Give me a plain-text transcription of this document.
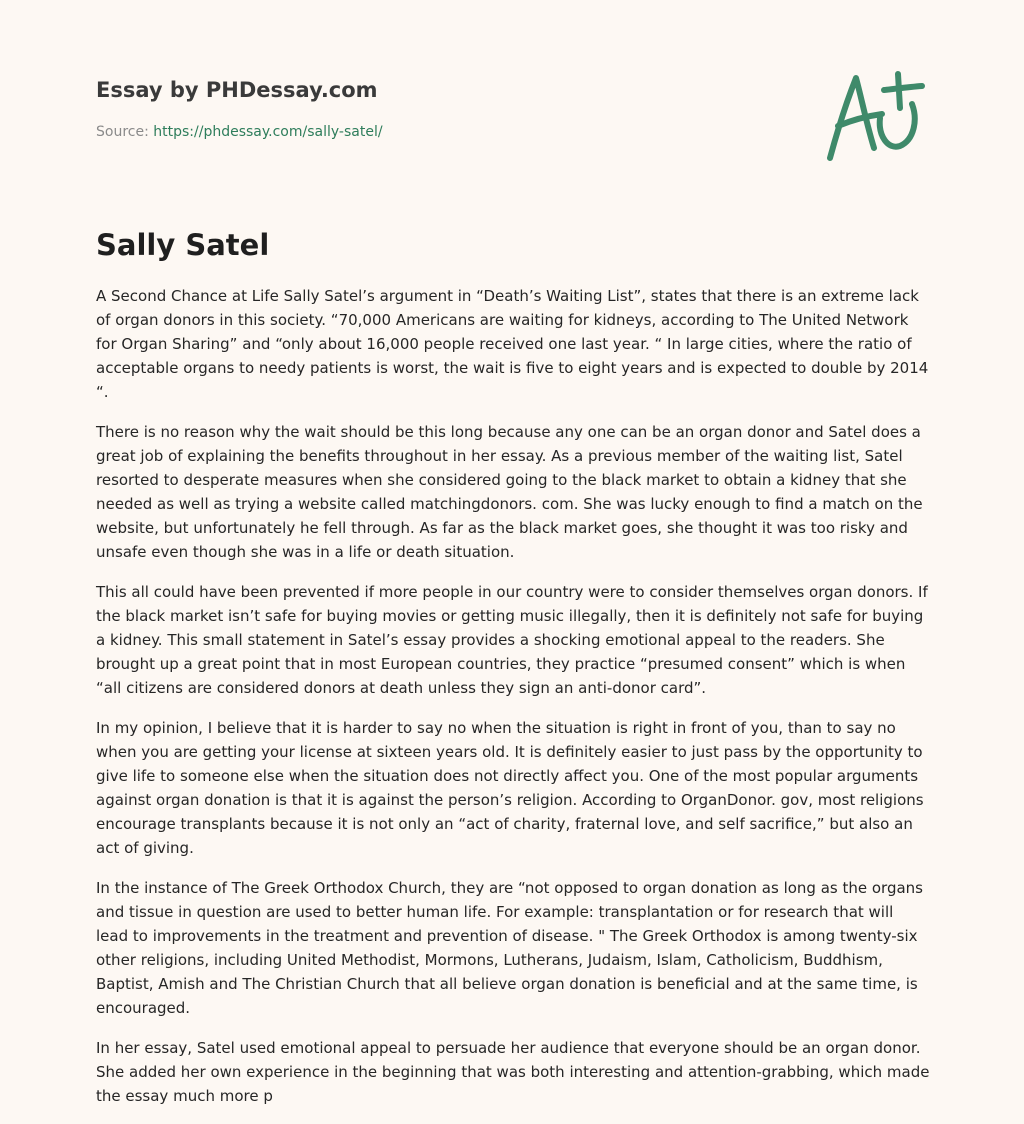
Essay by PHDessay.com
Source: https://phdessay.com/sally-satel/
Sally Satel

A Second Chance at Life Sally Satel’s argument in “Death’s Waiting List”, states that there is an extreme lack of organ donors in this society. “70,000 Americans are waiting for kidneys, according to The United Network for Organ Sharing” and “only about 16,000 people received one last year. “ In large cities, where the ratio of acceptable organs to needy patients is worst, the wait is five to eight years and is expected to double by 2014 “.

There is no reason why the wait should be this long because any one can be an organ donor and Satel does a great job of explaining the benefits throughout in her essay. As a previous member of the waiting list, Satel resorted to desperate measures when she considered going to the black market to obtain a kidney that she needed as well as trying a website called matchingdonors. com. She was lucky enough to find a match on the website, but unfortunately he fell through. As far as the black market goes, she thought it was too risky and unsafe even though she was in a life or death situation.

This all could have been prevented if more people in our country were to consider themselves organ donors. If the black market isn’t safe for buying movies or getting music illegally, then it is definitely not safe for buying a kidney. This small statement in Satel’s essay provides a shocking emotional appeal to the readers. She brought up a great point that in most European countries, they practice “presumed consent” which is when “all citizens are considered donors at death unless they sign an anti-donor card”.

In my opinion, I believe that it is harder to say no when the situation is right in front of you, than to say no when you are getting your license at sixteen years old. It is definitely easier to just pass by the opportunity to give life to someone else when the situation does not directly affect you. One of the most popular arguments against organ donation is that it is against the person’s religion. According to OrganDonor. gov, most religions encourage transplants because it is not only an “act of charity, fraternal love, and self sacrifice,” but also an act of giving.

In the instance of The Greek Orthodox Church, they are “not opposed to organ donation as long as the organs and tissue in question are used to better human life. For example: transplantation or for research that will lead to improvements in the treatment and prevention of disease. " The Greek Orthodox is among twenty-six other religions, including United Methodist, Mormons, Lutherans, Judaism, Islam, Catholicism, Buddhism, Baptist, Amish and The Christian Church that all believe organ donation is beneficial and at the same time, is encouraged.

In her essay, Satel used emotional appeal to persuade her audience that everyone should be an organ donor. She added her own experience in the beginning that was both interesting and attention-grabbing, which made the essay much more p
